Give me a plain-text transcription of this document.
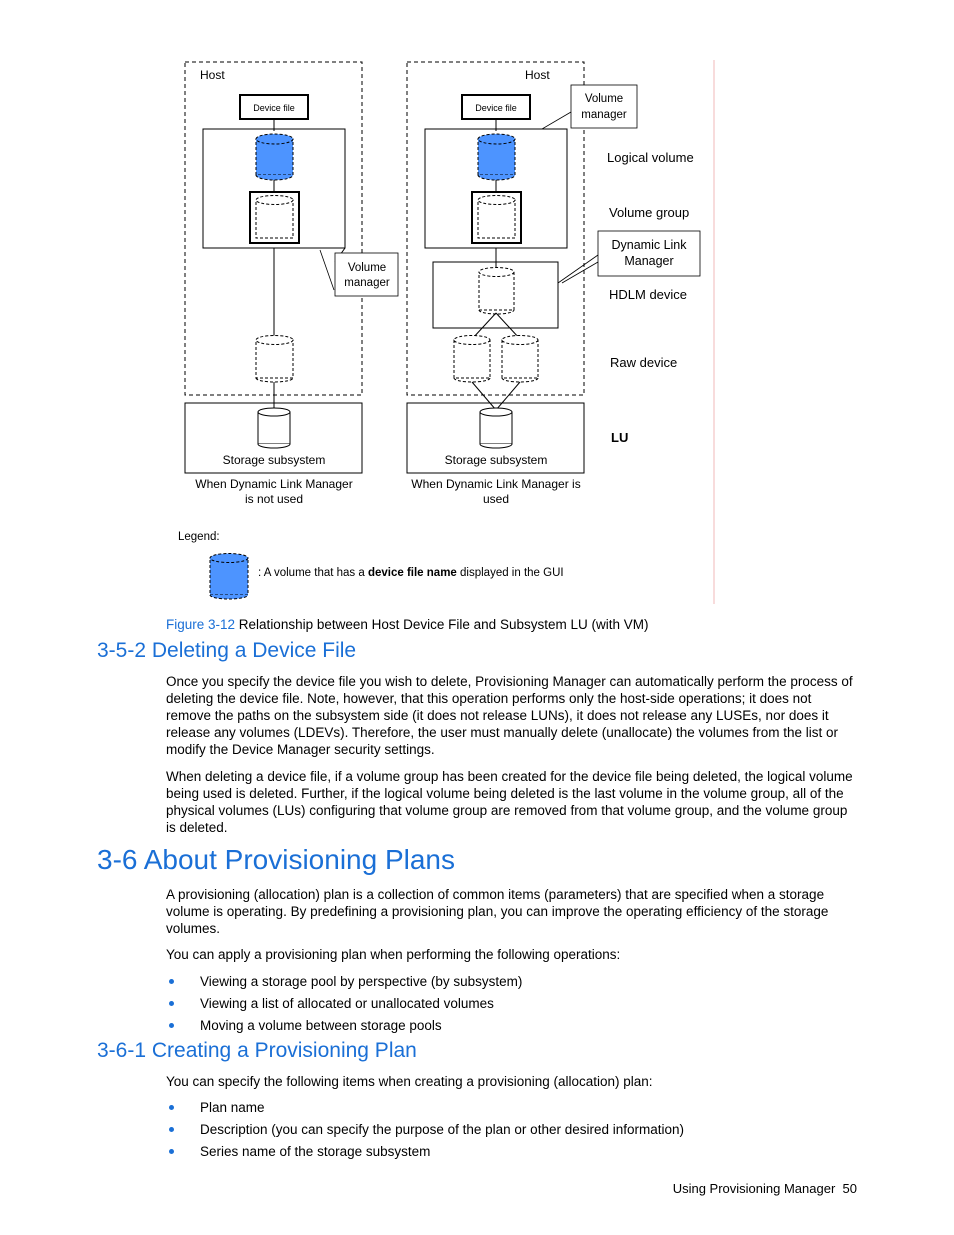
Host
Device file
Storage subsystem
Volume
manager
When Dynamic Link Manager
is not used
Host
Device file
Volume
manager
Dynamic Link
Manager
Storage subsystem
When Dynamic Link Manager is
used
Logical volume
Volume group
HDLM device
Raw device
LU
Legend:
: A volume that has a device file name displayed in the GUI
Figure 3-12 Relationship between Host Device File and Subsystem LU (with VM)
3-5-2 Deleting a Device File

Once you specify the device file you wish to delete, Provisioning Manager can automatically perform the process of deleting the device file. Note, however, that this operation performs only the host-side operations; it does not remove the paths on the subsystem side (it does not release LUNs), it does not release any LUSEs, nor does it release any volumes (LDEVs). Therefore, the user must manually delete (unallocate) the volumes from the list or modify the Device Manager security settings.

When deleting a device file, if a volume group has been created for the device file being deleted, the logical volume being used is deleted. Further, if the logical volume being deleted is the last volume in the volume group, all of the physical volumes (LUs) configuring that volume group are removed from that volume group, and the volume group is deleted.

3-6 About Provisioning Plans

A provisioning (allocation) plan is a collection of common items (parameters) that are specified when a storage volume is operating. By predefining a provisioning plan, you can improve the operating efficiency of the storage volumes.

You can apply a provisioning plan when performing the following operations:

Viewing a storage pool by perspective (by subsystem)
Viewing a list of allocated or unallocated volumes
Moving a volume between storage pools
3-6-1 Creating a Provisioning Plan

You can specify the following items when creating a provisioning (allocation) plan:

Plan name
Description (you can specify the purpose of the plan or other desired information)
Series name of the storage subsystem
Using Provisioning Manager 50
